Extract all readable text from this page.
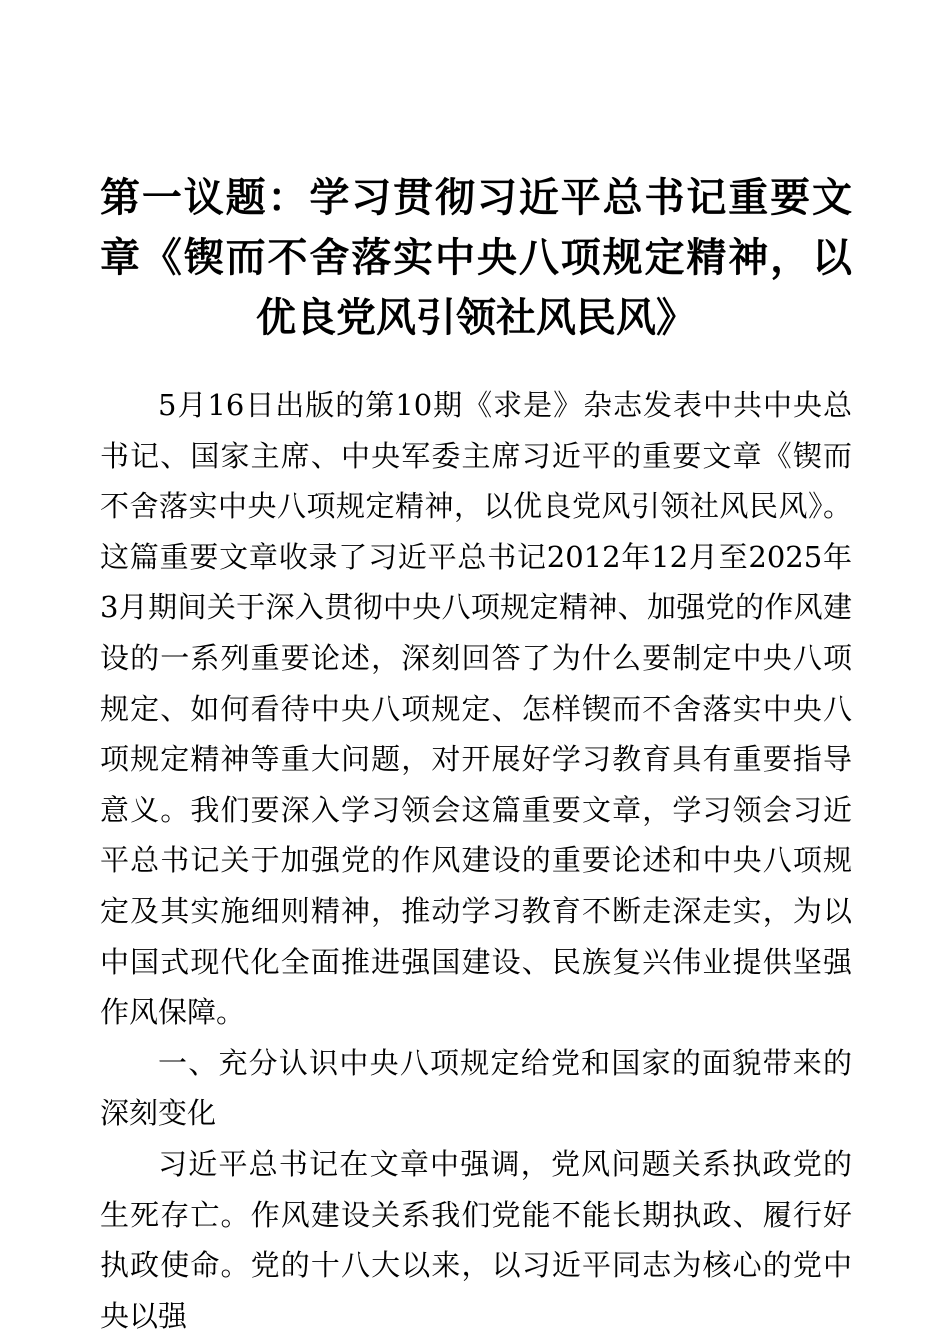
第一议题：学习贯彻习近平总书记重要文章《锲而不舍落实中央八项规定精神，以优良党风引领社风民风》

5月16日出版的第10期《求是》杂志发表中共中央总书记、国家主席、中央军委主席习近平的重要文章《锲而不舍落实中央八项规定精神，以优良党风引领社风民风》。这篇重要文章收录了习近平总书记2012年12月至2025年3月期间关于深入贯彻中央八项规定精神、加强党的作风建设的一系列重要论述，深刻回答了为什么要制定中央八项规定、如何看待中央八项规定、怎样锲而不舍落实中央八项规定精神等重大问题，对开展好学习教育具有重要指导意义。我们要深入学习领会这篇重要文章，学习领会习近平总书记关于加强党的作风建设的重要论述和中央八项规定及其实施细则精神，推动学习教育不断走深走实，为以中国式现代化全面推进强国建设、民族复兴伟业提供坚强作风保障。

一、充分认识中央八项规定给党和国家的面貌带来的深刻变化

习近平总书记在文章中强调，党风问题关系执政党的生死存亡。作风建设关系我们党能不能长期执政、履行好执政使命。党的十八大以来，以习近平同志为核心的党中央以强
